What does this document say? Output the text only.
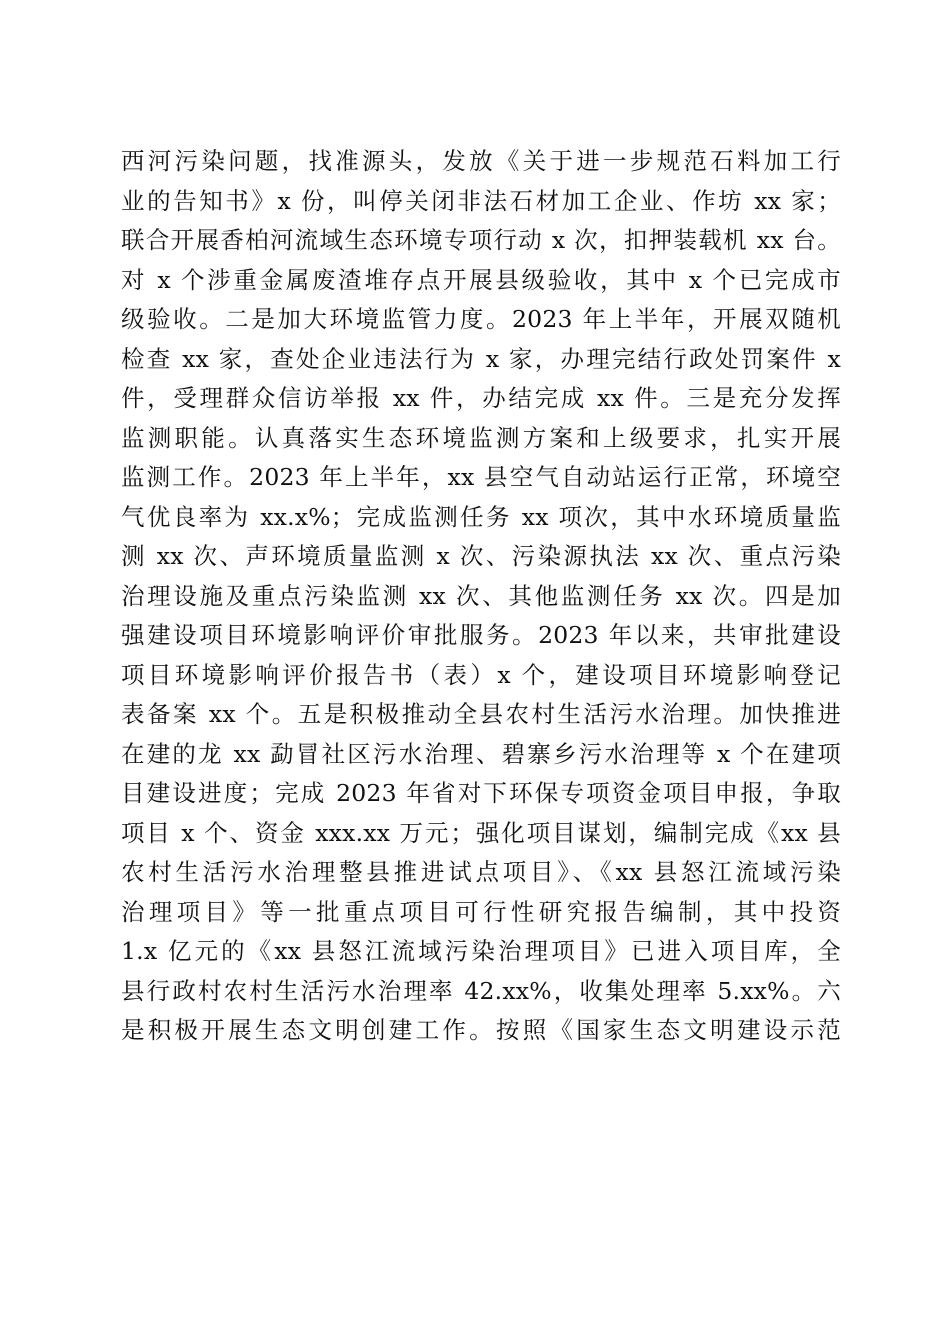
西河污染问题，找准源头，发放《关于进一步规范石料加工行
业的告知书》x 份，叫停关闭非法石材加工企业、作坊 xx 家；
联合开展香柏河流域生态环境专项行动 x 次，扣押装载机 xx 台。
对 x 个涉重金属废渣堆存点开展县级验收，其中 x 个已完成市
级验收。二是加大环境监管力度。2023 年上半年，开展双随机
检查 xx 家，查处企业违法行为 x 家，办理完结行政处罚案件 x
件，受理群众信访举报 xx 件，办结完成 xx 件。三是充分发挥
监测职能。认真落实生态环境监测方案和上级要求，扎实开展
监测工作。2023 年上半年，xx 县空气自动站运行正常，环境空
气优良率为 xx.x%；完成监测任务 xx 项次，其中水环境质量监
测 xx 次、声环境质量监测 x 次、污染源执法 xx 次、重点污染
治理设施及重点污染监测 xx 次、其他监测任务 xx 次。四是加
强建设项目环境影响评价审批服务。2023 年以来，共审批建设
项目环境影响评价报告书（表）x 个，建设项目环境影响登记
表备案 xx 个。五是积极推动全县农村生活污水治理。加快推进
在建的龙 xx 勐冒社区污水治理、碧寨乡污水治理等 x 个在建项
目建设进度；完成 2023 年省对下环保专项资金项目申报，争取
项目 x 个、资金 xxx.xx 万元；强化项目谋划，编制完成《xx 县
农村生活污水治理整县推进试点项目》、《xx 县怒江流域污染
治理项目》等一批重点项目可行性研究报告编制，其中投资
1.x 亿元的《xx 县怒江流域污染治理项目》已进入项目库，全
县行政村农村生活污水治理率 42.xx%，收集处理率 5.xx%。六
是积极开展生态文明创建工作。按照《国家生态文明建设示范
